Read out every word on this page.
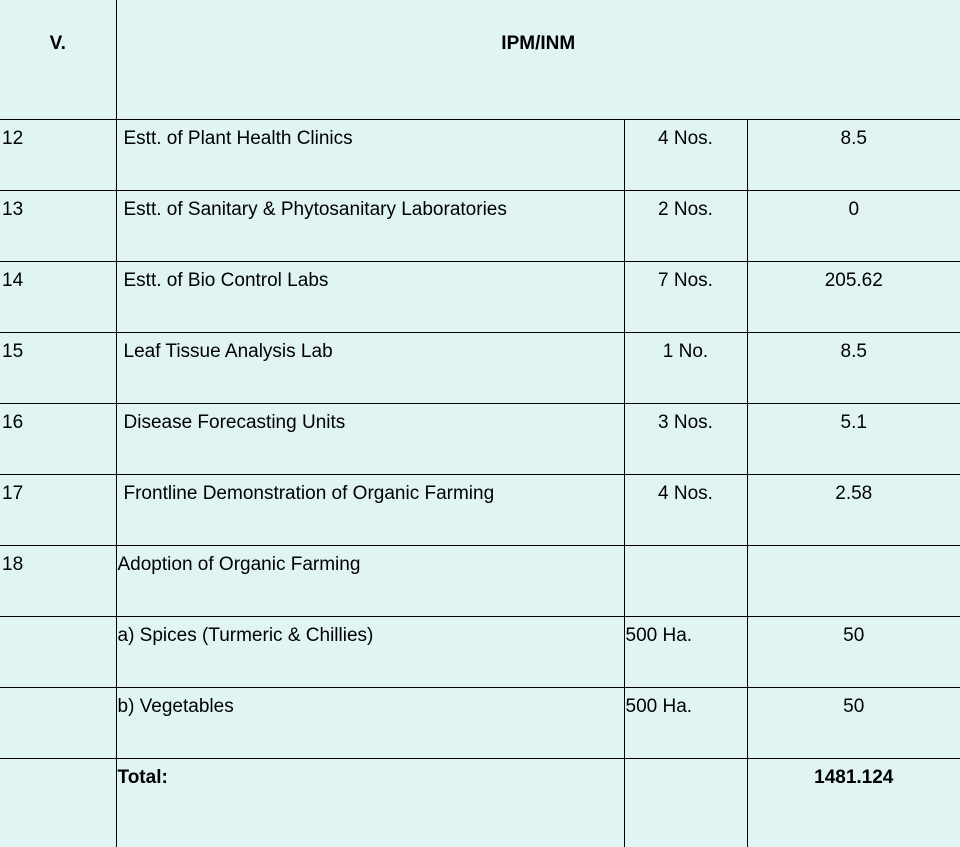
V.	IPM/INM		
12	Estt. of Plant Health Clinics	4 Nos.	8.5
13	Estt. of Sanitary & Phytosanitary Laboratories	2 Nos.	0
14	Estt. of Bio Control Labs	7 Nos.	205.62
15	Leaf Tissue Analysis Lab	1 No.	8.5
16	Disease Forecasting Units	3 Nos.	5.1
17	Frontline Demonstration of Organic Farming	4 Nos.	2.58
18	Adoption of Organic Farming		
	a) Spices (Turmeric & Chillies)	500 Ha.	50
	b) Vegetables	500 Ha.	50
	Total:		1481.124
